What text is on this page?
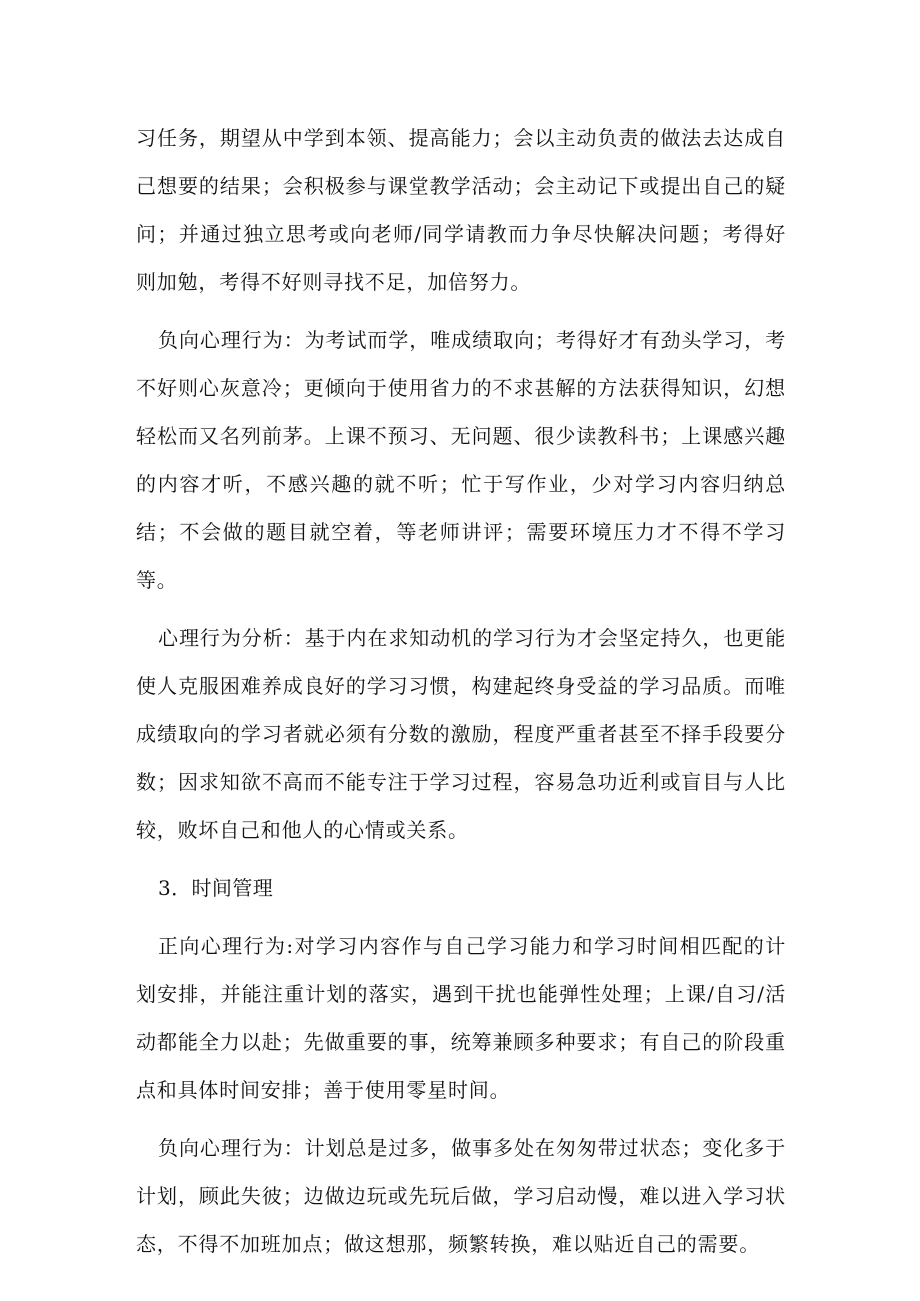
习任务，期望从中学到本领、提高能力；会以主动负责的做法去达成自己想要的结果；会积极参与课堂教学活动；会主动记下或提出自己的疑问；并通过独立思考或向老师/同学请教而力争尽快解决问题；考得好则加勉，考得不好则寻找不足，加倍努力。

负向心理行为：为考试而学，唯成绩取向；考得好才有劲头学习，考不好则心灰意冷；更倾向于使用省力的不求甚解的方法获得知识，幻想轻松而又名列前茅。上课不预习、无问题、很少读教科书；上课感兴趣的内容才听，不感兴趣的就不听；忙于写作业，少对学习内容归纳总结；不会做的题目就空着，等老师讲评；需要环境压力才不得不学习等。

心理行为分析：基于内在求知动机的学习行为才会坚定持久，也更能使人克服困难养成良好的学习习惯，构建起终身受益的学习品质。而唯成绩取向的学习者就必须有分数的激励，程度严重者甚至不择手段要分数；因求知欲不高而不能专注于学习过程，容易急功近利或盲目与人比较，败坏自己和他人的心情或关系。

3．时间管理

正向心理行为:对学习内容作与自己学习能力和学习时间相匹配的计划安排，并能注重计划的落实，遇到干扰也能弹性处理；上课/自习/活动都能全力以赴；先做重要的事，统筹兼顾多种要求；有自己的阶段重点和具体时间安排；善于使用零星时间。

负向心理行为：计划总是过多，做事多处在匆匆带过状态；变化多于计划，顾此失彼；边做边玩或先玩后做，学习启动慢，难以进入学习状态，不得不加班加点；做这想那，频繁转换，难以贴近自己的需要。
